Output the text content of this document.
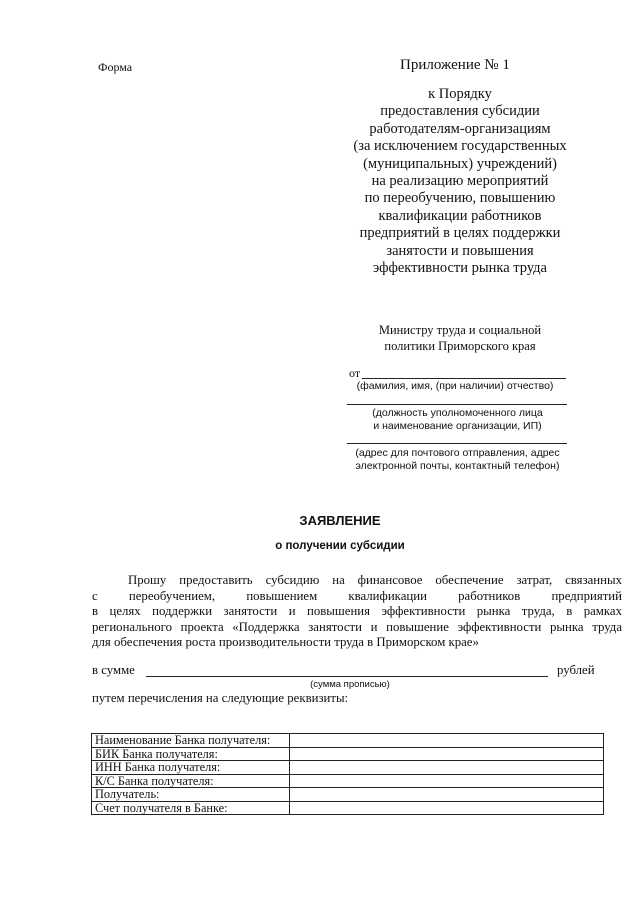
Форма	Приложение № 1
к Порядку
предоставления субсидии
работодателям-организациям
(за исключением государственных
(муниципальных) учреждений)
на реализацию мероприятий
по переобучению, повышению
квалификации работников
предприятий в целях поддержки
занятости и повышения
эффективности рынка труда
Министру труда и социальной
политики Приморского края
от
(фамилия, имя, (при наличии) отчество)
(должность уполномоченного лица
и наименование организации, ИП)
(адрес для почтового отправления, адрес
электронной почты, контактный телефон)
ЗАЯВЛЕНИЕ
о получении субсидии
Прошу предоставить субсидию на финансовое обеспечение затрат, связанных
с переобучением, повышением квалификации работников предприятий
в целях поддержки занятости и повышения эффективности рынка труда, в рамках
регионального проекта «Поддержка занятости и повышение эффективности рынка труда
для обеспечения роста производительности труда в Приморском крае»
в сумме	рублей
(сумма прописью)
путем перечисления на следующие реквизиты:
Наименование Банка получателя:	
БИК Банка получателя:	
ИНН Банка получателя:	
К/С Банка получателя:	
Получатель:	
Счет получателя в Банке:	
